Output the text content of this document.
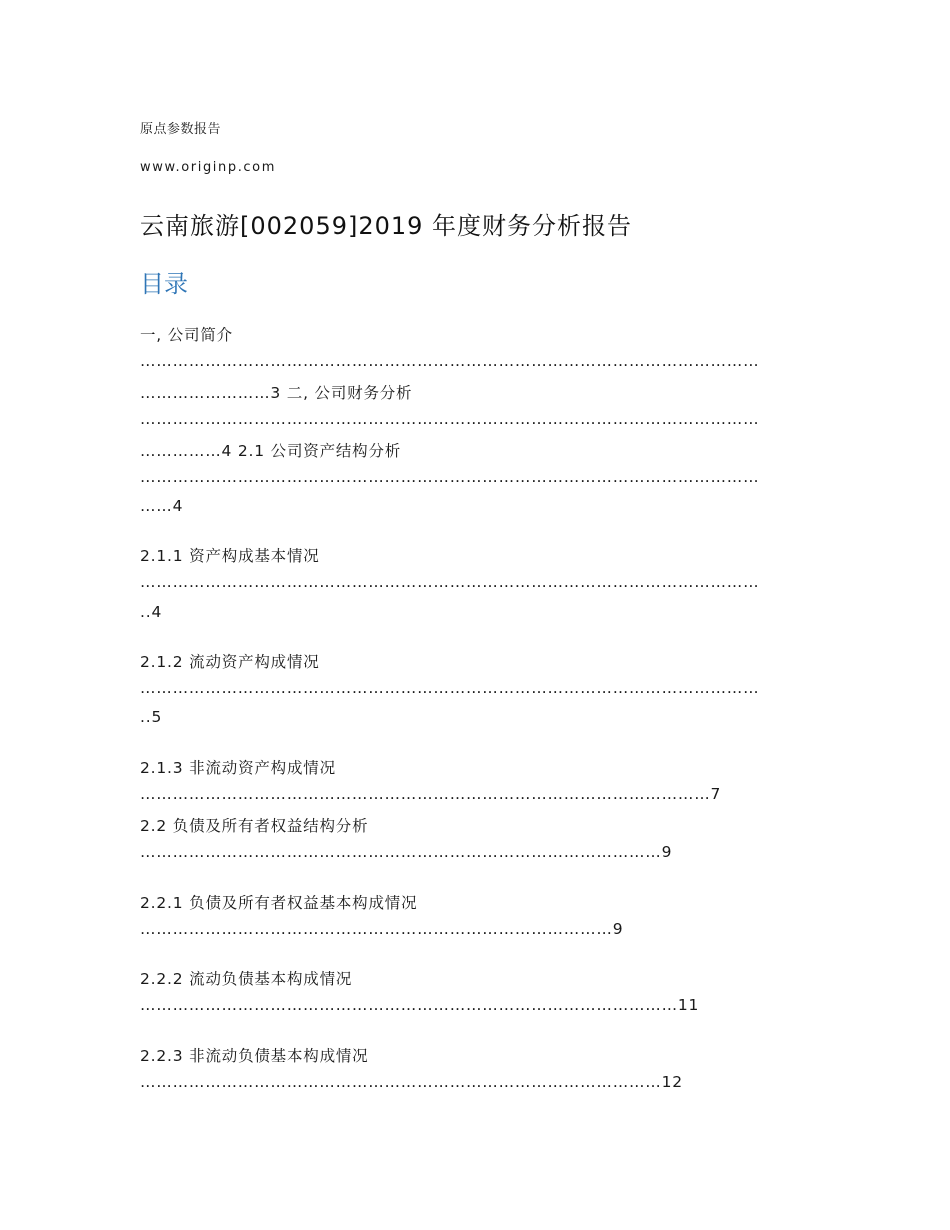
原点参数报告
www.originp.com
云南旅游[002059]2019 年度财务分析报告
目录
一, 公司简介
……………………………………………………………………………………………………
……………………3 二, 公司财务分析
……………………………………………………………………………………………………
……………4 2.1 公司资产结构分析
……………………………………………………………………………………………………
……4
2.1.1 资产构成基本情况
……………………………………………………………………………………………………
..4
2.1.2 流动资产构成情况
……………………………………………………………………………………………………
..5
2.1.3 非流动资产构成情况
……………………………………………………………………………………………7
2.2 负债及所有者权益结构分析
……………………………………………………………………………………9
2.2.1 负债及所有者权益基本构成情况
……………………………………………………………………………9
2.2.2 流动负债基本构成情况
………………………………………………………………………………………11
2.2.3 非流动负债基本构成情况
……………………………………………………………………………………12
